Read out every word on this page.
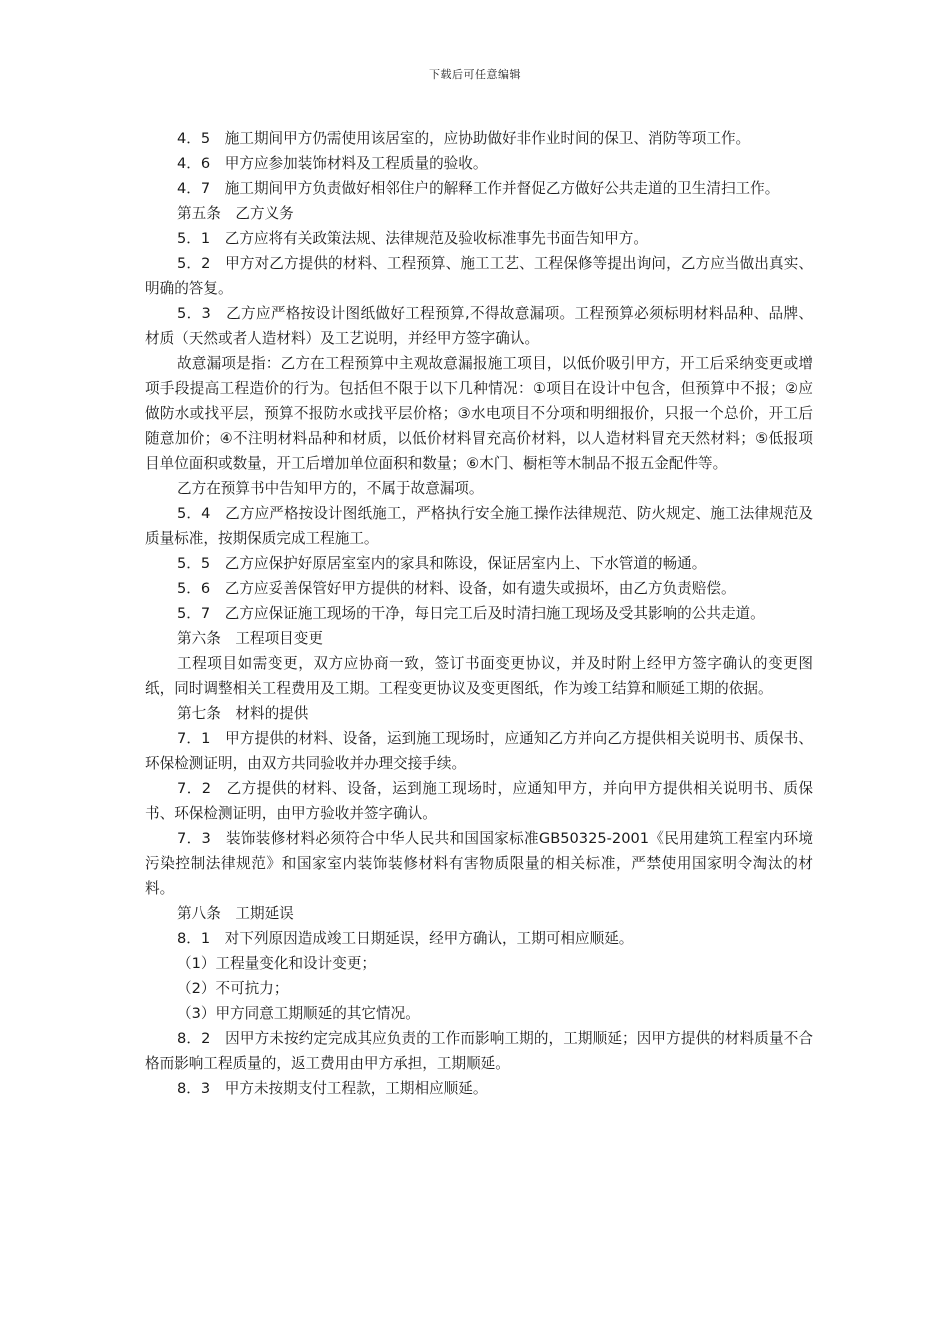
下载后可任意编辑

4．5　施工期间甲方仍需使用该居室的，应协助做好非作业时间的保卫、消防等项工作。

4．6　甲方应参加装饰材料及工程质量的验收。

4．7　施工期间甲方负责做好相邻住户的解释工作并督促乙方做好公共走道的卫生清扫工作。

第五条　乙方义务

5．1　乙方应将有关政策法规、法律规范及验收标准事先书面告知甲方。

5．2　甲方对乙方提供的材料、工程预算、施工工艺、工程保修等提出询问，乙方应当做出真实、明确的答复。

5．3　乙方应严格按设计图纸做好工程预算,不得故意漏项。工程预算必须标明材料品种、品牌、材质（天然或者人造材料）及工艺说明，并经甲方签字确认。

故意漏项是指：乙方在工程预算中主观故意漏报施工项目，以低价吸引甲方，开工后采纳变更或增项手段提高工程造价的行为。包括但不限于以下几种情况：①项目在设计中包含，但预算中不报；②应做防水或找平层，预算不报防水或找平层价格；③水电项目不分项和明细报价，只报一个总价，开工后随意加价；④不注明材料品种和材质，以低价材料冒充高价材料，以人造材料冒充天然材料；⑤低报项目单位面积或数量，开工后增加单位面积和数量；⑥木门、橱柜等木制品不报五金配件等。

乙方在预算书中告知甲方的，不属于故意漏项。

5．4　乙方应严格按设计图纸施工，严格执行安全施工操作法律规范、防火规定、施工法律规范及质量标准，按期保质完成工程施工。

5．5　乙方应保护好原居室室内的家具和陈设，保证居室内上、下水管道的畅通。

5．6　乙方应妥善保管好甲方提供的材料、设备，如有遗失或损坏，由乙方负责赔偿。

5．7　乙方应保证施工现场的干净，每日完工后及时清扫施工现场及受其影响的公共走道。

第六条　工程项目变更

工程项目如需变更，双方应协商一致，签订书面变更协议，并及时附上经甲方签字确认的变更图纸，同时调整相关工程费用及工期。工程变更协议及变更图纸，作为竣工结算和顺延工期的依据。

第七条　材料的提供

7．1　甲方提供的材料、设备，运到施工现场时，应通知乙方并向乙方提供相关说明书、质保书、环保检测证明，由双方共同验收并办理交接手续。

7．2　乙方提供的材料、设备，运到施工现场时，应通知甲方，并向甲方提供相关说明书、质保书、环保检测证明，由甲方验收并签字确认。

7．3　装饰装修材料必须符合中华人民共和国国家标准GB50325-2001《民用建筑工程室内环境污染控制法律规范》和国家室内装饰装修材料有害物质限量的相关标准，严禁使用国家明令淘汰的材料。

第八条　工期延误

8．1　对下列原因造成竣工日期延误，经甲方确认，工期可相应顺延。

（1）工程量变化和设计变更；

（2）不可抗力；

（3）甲方同意工期顺延的其它情况。

8．2　因甲方未按约定完成其应负责的工作而影响工期的，工期顺延；因甲方提供的材料质量不合格而影响工程质量的，返工费用由甲方承担，工期顺延。

8．3　甲方未按期支付工程款，工期相应顺延。
